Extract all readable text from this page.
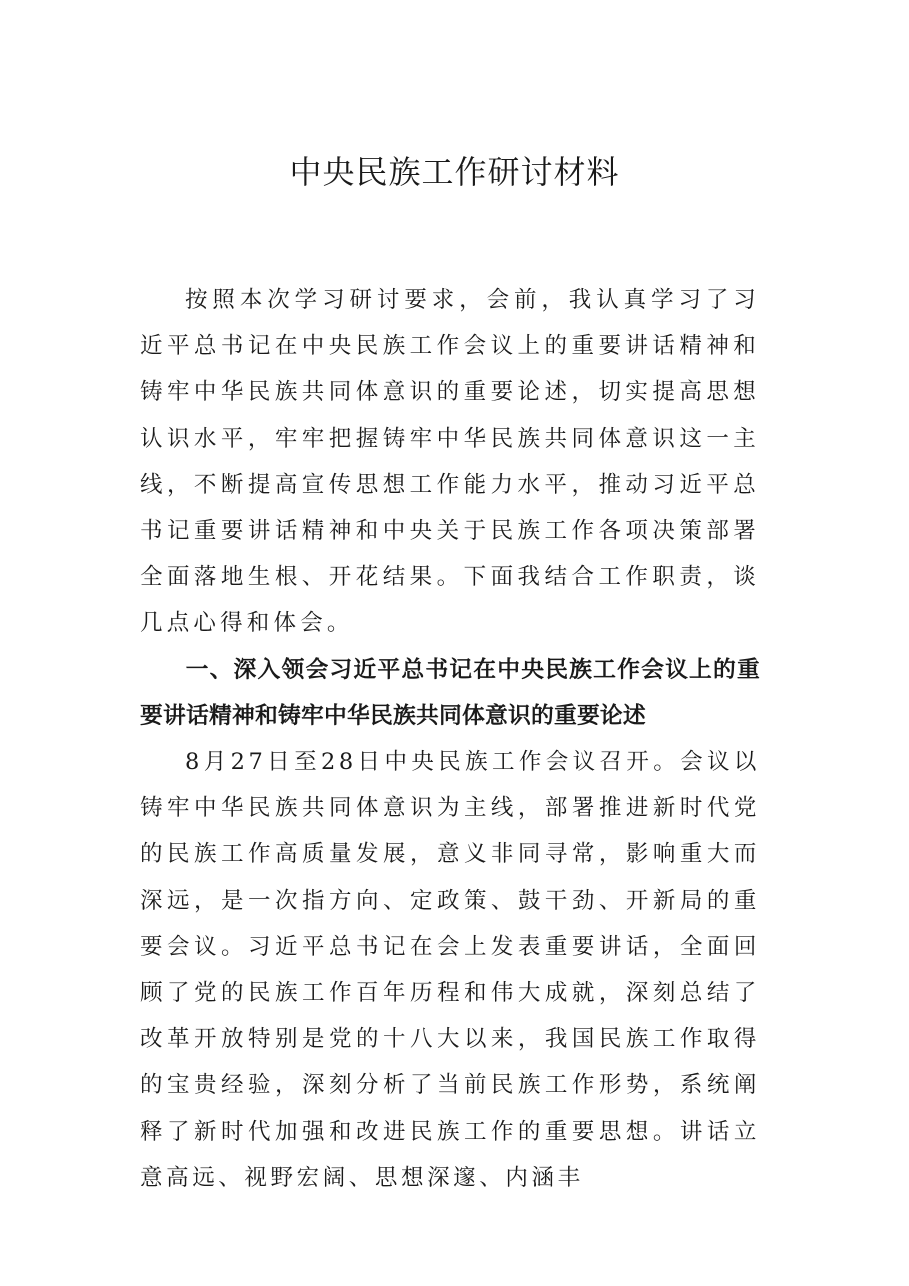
中央民族工作研讨材料

按照本次学习研讨要求，会前，我认真学习了习近平总书记在中央民族工作会议上的重要讲话精神和铸牢中华民族共同体意识的重要论述，切实提高思想认识水平，牢牢把握铸牢中华民族共同体意识这一主线，不断提高宣传思想工作能力水平，推动习近平总书记重要讲话精神和中央关于民族工作各项决策部署全面落地生根、开花结果。下面我结合工作职责，谈几点心得和体会。

一、深入领会习近平总书记在中央民族工作会议上的重要讲话精神和铸牢中华民族共同体意识的重要论述

8月27日至28日中央民族工作会议召开。会议以铸牢中华民族共同体意识为主线，部署推进新时代党的民族工作高质量发展，意义非同寻常，影响重大而深远，是一次指方向、定政策、鼓干劲、开新局的重要会议。习近平总书记在会上发表重要讲话，全面回顾了党的民族工作百年历程和伟大成就，深刻总结了改革开放特别是党的十八大以来，我国民族工作取得的宝贵经验，深刻分析了当前民族工作形势，系统阐释了新时代加强和改进民族工作的重要思想。讲话立意高远、视野宏阔、思想深邃、内涵丰
